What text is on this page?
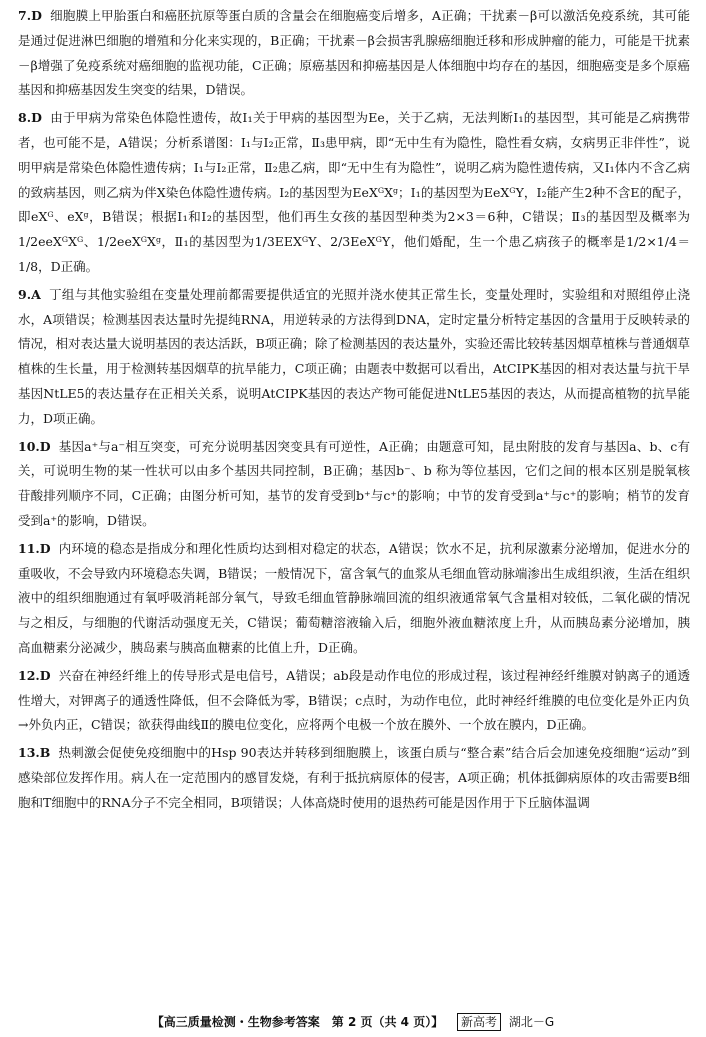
7.D 细胞膜上甲胎蛋白和癌胚抗原等蛋白质的含量会在细胞癌变后增多，A正确；干扰素－β可以激活免疫系统，其可能是通过促进淋巴细胞的增殖和分化来实现的，B正确；干扰素－β会损害乳腺癌细胞迁移和形成肿瘤的能力，可能是干扰素－β增强了免疫系统对癌细胞的监视功能，C正确；原癌基因和抑癌基因是人体细胞中均存在的基因，细胞癌变是多个原癌基因和抑癌基因发生突变的结果，D错误。

8.D 由于甲病为常染色体隐性遗传，故Ⅰ₁关于甲病的基因型为Ee，关于乙病，无法判断Ⅰ₁的基因型，其可能是乙病携带者，也可能不是，A错误；分析系谱图：Ⅰ₁与Ⅰ₂正常，Ⅱ₃患甲病，即“无中生有为隐性，隐性看女病，女病男正非伴性”，说明甲病是常染色体隐性遗传病；Ⅰ₁与Ⅰ₂正常，Ⅱ₂患乙病，即“无中生有为隐性”，说明乙病为隐性遗传病，又Ⅰ₁体内不含乙病的致病基因，则乙病为伴X染色体隐性遗传病。Ⅰ₂的基因型为EeXᴳXᵍ；Ⅰ₁的基因型为EeXᴳY，Ⅰ₂能产生2种不含E的配子，即eXᴳ、eXᵍ，B错误；根据Ⅰ₁和Ⅰ₂的基因型，他们再生女孩的基因型种类为2×3＝6种，C错误；Ⅱ₃的基因型及概率为1/2eeXᴳXᴳ、1/2eeXᴳXᵍ，Ⅱ₁的基因型为1/3EEXᴳY、2/3EeXᴳY，他们婚配，生一个患乙病孩子的概率是1/2×1/4＝1/8，D正确。

9.A 丁组与其他实验组在变量处理前都需要提供适宜的光照并浇水使其正常生长，变量处理时，实验组和对照组停止浇水，A项错误；检测基因表达量时先提纯RNA，用逆转录的方法得到DNA，定时定量分析特定基因的含量用于反映转录的情况，相对表达量大说明基因的表达活跃，B项正确；除了检测基因的表达量外，实验还需比较转基因烟草植株与普通烟草植株的生长量，用于检测转基因烟草的抗旱能力，C项正确；由题表中数据可以看出，AtCIPK基因的相对表达量与抗干旱基因NtLE5的表达量存在正相关关系，说明AtCIPK基因的表达产物可能促进NtLE5基因的表达，从而提高植物的抗旱能力，D项正确。

10.D 基因a⁺与a⁻相互突变，可充分说明基因突变具有可逆性，A正确；由题意可知，昆虫附肢的发育与基因a、b、c有关，可说明生物的某一性状可以由多个基因共同控制，B正确；基因b⁻、b 称为等位基因，它们之间的根本区别是脱氧核苷酸排列顺序不同，C正确；由图分析可知，基节的发育受到b⁺与c⁺的影响；中节的发育受到a⁺与c⁺的影响；梢节的发育受到a⁺的影响，D错误。

11.D 内环境的稳态是指成分和理化性质均达到相对稳定的状态，A错误；饮水不足，抗利尿激素分泌增加，促进水分的重吸收，不会导致内环境稳态失调，B错误；一般情况下，富含氧气的血浆从毛细血管动脉端渗出生成组织液，生活在组织液中的组织细胞通过有氧呼吸消耗部分氧气，导致毛细血管静脉端回流的组织液通常氧气含量相对较低，二氧化碳的情况与之相反，与细胞的代谢活动强度无关，C错误；葡萄糖溶液输入后，细胞外液血糖浓度上升，从而胰岛素分泌增加，胰高血糖素分泌减少，胰岛素与胰高血糖素的比值上升，D正确。

12.D 兴奋在神经纤维上的传导形式是电信号，A错误；ab段是动作电位的形成过程，该过程神经纤维膜对钠离子的通透性增大，对钾离子的通透性降低，但不会降低为零，B错误；c点时，为动作电位，此时神经纤维膜的电位变化是外正内负→外负内正，C错误；欲获得曲线Ⅱ的膜电位变化，应将两个电极一个放在膜外、一个放在膜内，D正确。

13.B 热刺激会促使免疫细胞中的Hsp 90表达并转移到细胞膜上，该蛋白质与“整合素”结合后会加速免疫细胞“运动”到感染部位发挥作用。病人在一定范围内的感冒发烧，有利于抵抗病原体的侵害，A项正确；机体抵御病原体的攻击需要B细胞和T细胞中的RNA分子不完全相同，B项错误；人体高烧时使用的退热药可能是因作用于下丘脑体温调

【高三质量检测・生物参考答案　第 2 页（共 4 页）】 新高考 湖北－G
